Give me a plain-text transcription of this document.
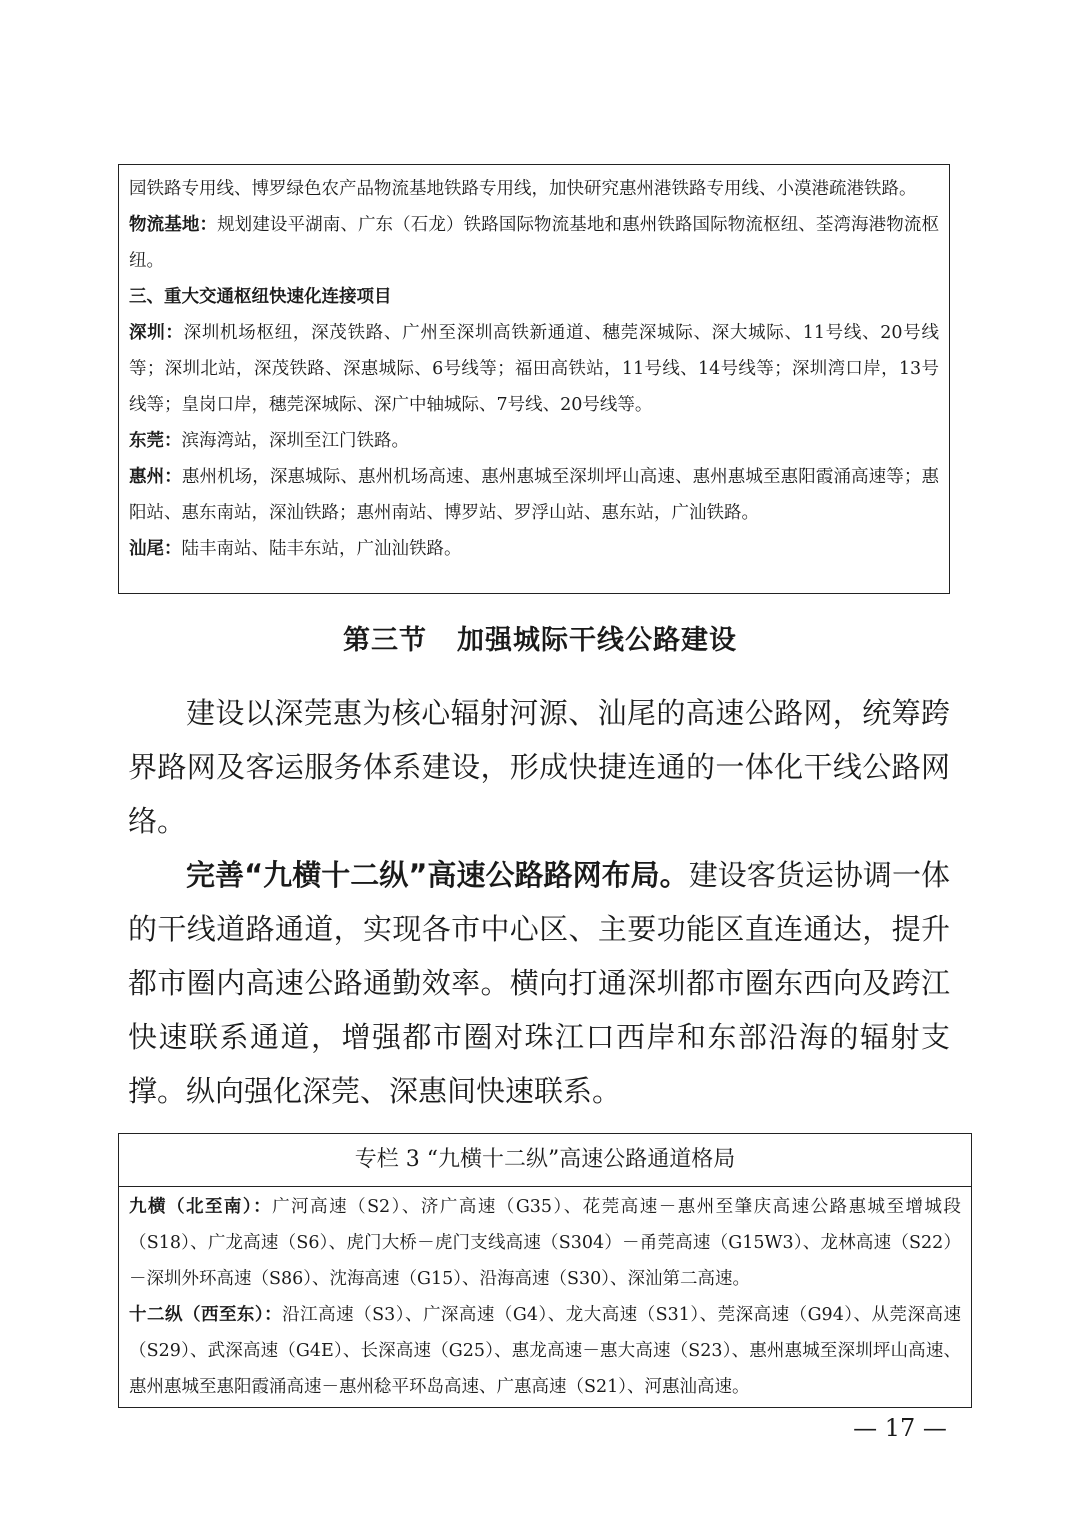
园铁路专用线、博罗绿色农产品物流基地铁路专用线，加快研究惠州港铁路专用线、小漠港疏港铁路。

物流基地：规划建设平湖南、广东（石龙）铁路国际物流基地和惠州铁路国际物流枢纽、荃湾海港物流枢纽。

三、重大交通枢纽快速化连接项目

深圳：深圳机场枢纽，深茂铁路、广州至深圳高铁新通道、穗莞深城际、深大城际、11号线、20号线等；深圳北站，深茂铁路、深惠城际、6号线等；福田高铁站，11号线、14号线等；深圳湾口岸，13号线等；皇岗口岸，穗莞深城际、深广中轴城际、7号线、20号线等。

东莞：滨海湾站，深圳至江门铁路。

惠州：惠州机场，深惠城际、惠州机场高速、惠州惠城至深圳坪山高速、惠州惠城至惠阳霞涌高速等；惠阳站、惠东南站，深汕铁路；惠州南站、博罗站、罗浮山站、惠东站，广汕铁路。

汕尾：陆丰南站、陆丰东站，广汕汕铁路。

第三节 加强城际干线公路建设

建设以深莞惠为核心辐射河源、汕尾的高速公路网，统筹跨界路网及客运服务体系建设，形成快捷连通的一体化干线公路网络。

完善“九横十二纵”高速公路路网布局。建设客货运协调一体的干线道路通道，实现各市中心区、主要功能区直连通达，提升都市圈内高速公路通勤效率。横向打通深圳都市圈东西向及跨江快速联系通道，增强都市圈对珠江口西岸和东部沿海的辐射支撑。纵向强化深莞、深惠间快速联系。

专栏 3 “九横十二纵”高速公路通道格局

九横（北至南）：广河高速（S2）、济广高速（G35）、花莞高速－惠州至肇庆高速公路惠城至增城段（S18）、广龙高速（S6）、虎门大桥－虎门支线高速（S304）－甬莞高速（G15W3）、龙林高速（S22）－深圳外环高速（S86）、沈海高速（G15）、沿海高速（S30）、深汕第二高速。

十二纵（西至东）：沿江高速（S3）、广深高速（G4）、龙大高速（S31）、莞深高速（G94）、从莞深高速（S29）、武深高速（G4E）、长深高速（G25）、惠龙高速－惠大高速（S23）、惠州惠城至深圳坪山高速、惠州惠城至惠阳霞涌高速－惠州稔平环岛高速、广惠高速（S21）、河惠汕高速。

— 17 —
